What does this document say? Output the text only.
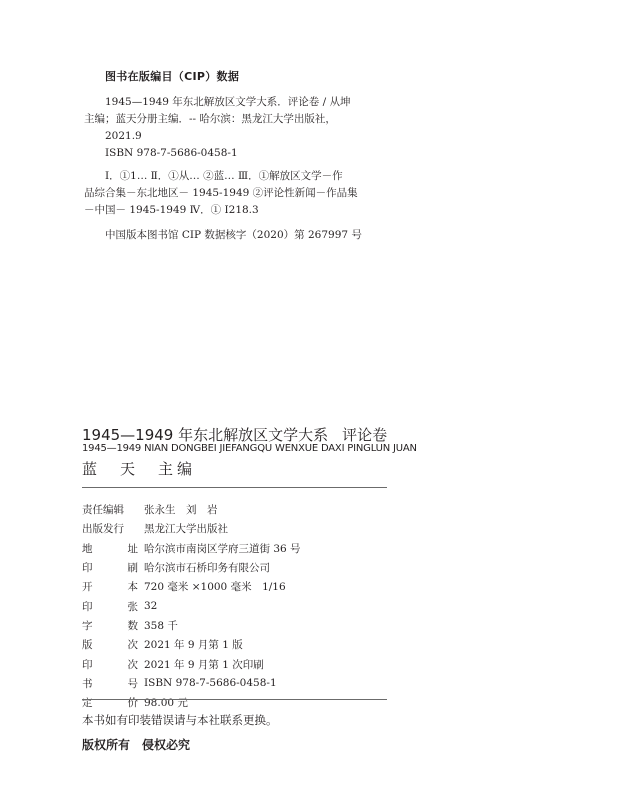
图书在版编目（CIP）数据
1945—1949 年东北解放区文学大系．评论卷 / 从坤
主编；蓝天分册主编．-- 哈尔滨：黑龙江大学出版社，
2021.9
ISBN 978-7-5686-0458-1
Ⅰ．①1… Ⅱ．①从… ②蓝… Ⅲ．①解放区文学－作
品综合集－东北地区－ 1945-1949 ②评论性新闻－作品集
－中国－ 1945-1949 Ⅳ．① I218.3
中国版本图书馆 CIP 数据核字（2020）第 267997 号
1945—1949 年东北解放区文学大系 评论卷
1945—1949 NIAN DONGBEI JIEFANGQU WENXUE DAXI PINGLUN JUAN
蓝　天　主编
责任编辑 张永生　刘　岩
出版发行 黑龙江大学出版社
地	址 哈尔滨市南岗区学府三道街 36 号
印	刷 哈尔滨市石桥印务有限公司
开	本 720 毫米 ×1000 毫米　1/16
印	张 32
字	数 358 千
版	次 2021 年 9 月第 1 版
印	次 2021 年 9 月第 1 次印刷
书	号 ISBN 978-7-5686-0458-1
定	价 98.00 元
本书如有印装错误请与本社联系更换。
版权所有　侵权必究
